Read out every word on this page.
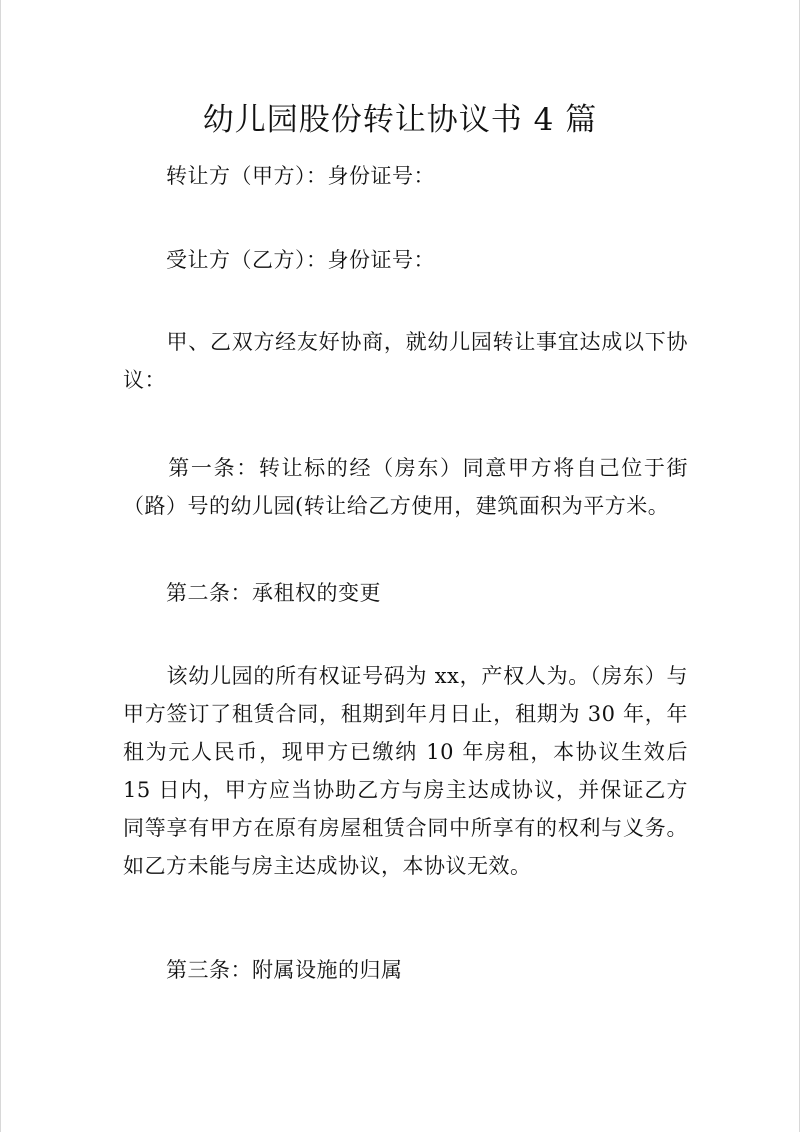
幼儿园股份转让协议书 4 篇

　　转让方（甲方）：身份证号：

　　受让方（乙方）：身份证号：

　　甲、乙双方经友好协商，就幼儿园转让事宜达成以下协议：

　　第一条：转让标的经（房东）同意甲方将自己位于街（路）号的幼儿园(转让给乙方使用，建筑面积为平方米。

　　第二条：承租权的变更

　　该幼儿园的所有权证号码为 xx，产权人为。（房东）与甲方签订了租赁合同，租期到年月日止，租期为 30 年，年租为元人民币，现甲方已缴纳 10 年房租，本协议生效后 15 日内，甲方应当协助乙方与房主达成协议，并保证乙方同等享有甲方在原有房屋租赁合同中所享有的权利与义务。如乙方未能与房主达成协议，本协议无效。

　　第三条：附属设施的归属
